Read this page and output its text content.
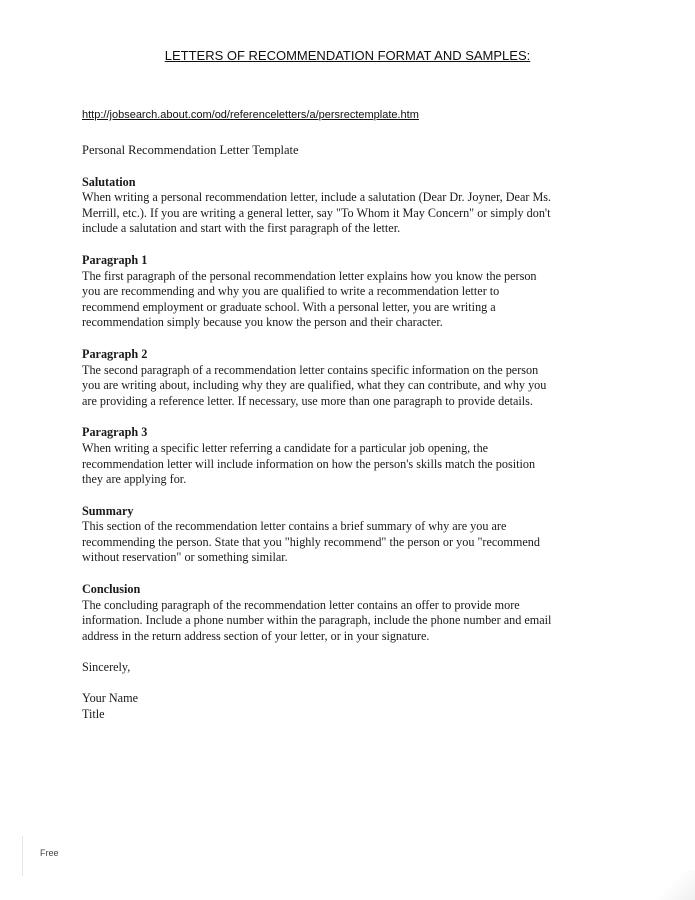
LETTERS OF RECOMMENDATION FORMAT AND SAMPLES:
http://jobsearch.about.com/od/referenceletters/a/persrectemplate.htm
Personal Recommendation Letter Template
Salutation
When writing a personal recommendation letter, include a salutation (Dear Dr. Joyner, Dear Ms.
Merrill, etc.). If you are writing a general letter, say "To Whom it May Concern" or simply don't
include a salutation and start with the first paragraph of the letter.
Paragraph 1
The first paragraph of the personal recommendation letter explains how you know the person
you are recommending and why you are qualified to write a recommendation letter to
recommend employment or graduate school. With a personal letter, you are writing a
recommendation simply because you know the person and their character.
Paragraph 2
The second paragraph of a recommendation letter contains specific information on the person
you are writing about, including why they are qualified, what they can contribute, and why you
are providing a reference letter. If necessary, use more than one paragraph to provide details.
Paragraph 3
When writing a specific letter referring a candidate for a particular job opening, the
recommendation letter will include information on how the person's skills match the position
they are applying for.
Summary
This section of the recommendation letter contains a brief summary of why are you are
recommending the person. State that you "highly recommend" the person or you "recommend
without reservation" or something similar.
Conclusion
The concluding paragraph of the recommendation letter contains an offer to provide more
information. Include a phone number within the paragraph, include the phone number and email
address in the return address section of your letter, or in your signature.
Sincerely,
Your Name
Title
Free
